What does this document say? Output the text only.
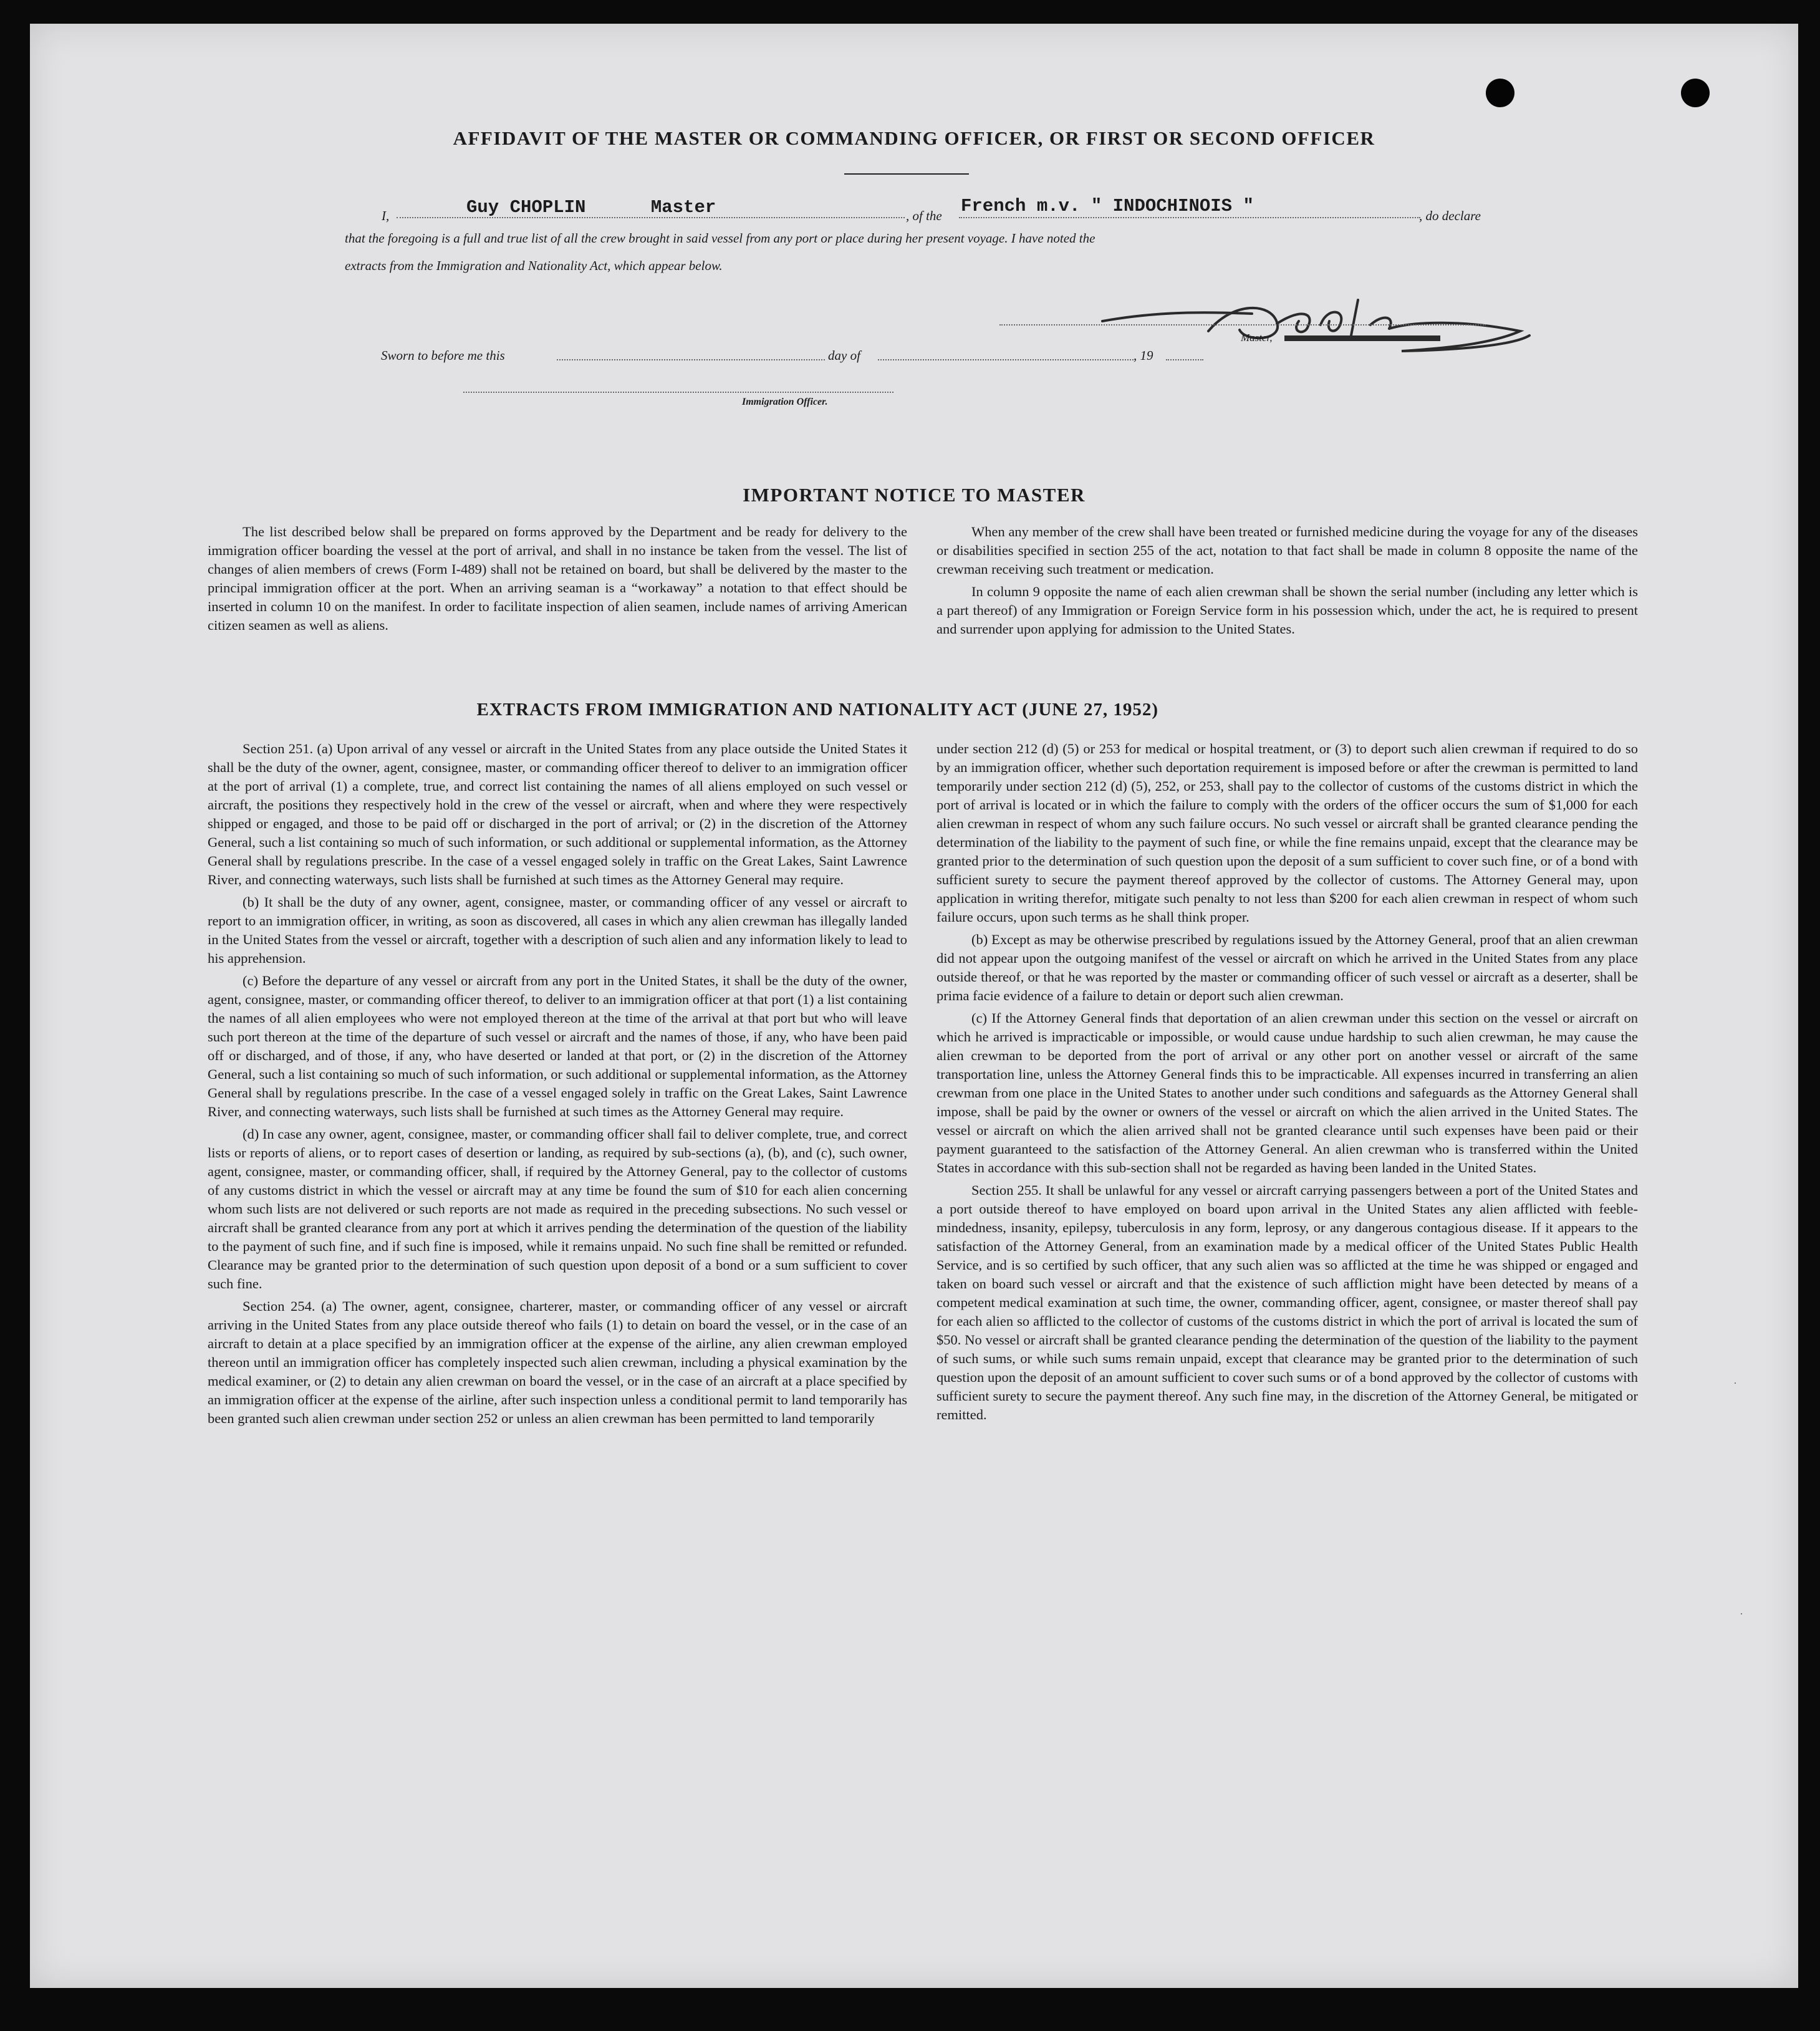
AFFIDAVIT OF THE MASTER OR COMMANDING OFFICER, OR FIRST OR SECOND OFFICER
I,	Guy CHOPLIN      Master	, of the French m.v. " INDOCHINOIS "	, do declare
that the foregoing is a full and true list of all the crew brought in said vessel from any port or place during her present voyage. I have noted the
extracts from the Immigration and Nationality Act, which appear below.
Master,
Sworn to before me this	day of	, 19
Immigration Officer.
IMPORTANT NOTICE TO MASTER

The list described below shall be prepared on forms approved by the Department and be ready for delivery to the immigration officer boarding the vessel at the port of arrival, and shall in no instance be taken from the vessel. The list of changes of alien members of crews (Form I-489) shall not be retained on board, but shall be delivered by the master to the principal immigration officer at the port. When an arriving seaman is a “workaway” a notation to that effect should be inserted in column 10 on the manifest. In order to facilitate inspection of alien seamen, include names of arriving American citizen seamen as well as aliens.

When any member of the crew shall have been treated or furnished medicine during the voyage for any of the diseases or disabilities specified in section 255 of the act, notation to that fact shall be made in column 8 opposite the name of the crewman receiving such treatment or medication.

In column 9 opposite the name of each alien crewman shall be shown the serial number (including any letter which is a part thereof) of any Immigration or Foreign Service form in his possession which, under the act, he is required to present and surrender upon applying for admission to the United States.

EXTRACTS FROM IMMIGRATION AND NATIONALITY ACT (JUNE 27, 1952)

Section 251. (a) Upon arrival of any vessel or aircraft in the United States from any place outside the United States it shall be the duty of the owner, agent, consignee, master, or commanding officer thereof to deliver to an immigration officer at the port of arrival (1) a complete, true, and correct list containing the names of all aliens employed on such vessel or aircraft, the positions they respectively hold in the crew of the vessel or aircraft, when and where they were respectively shipped or engaged, and those to be paid off or discharged in the port of arrival; or (2) in the discretion of the Attorney General, such a list containing so much of such information, or such additional or supplemental information, as the Attorney General shall by regulations prescribe. In the case of a vessel engaged solely in traffic on the Great Lakes, Saint Lawrence River, and connecting waterways, such lists shall be furnished at such times as the Attorney General may require.

(b) It shall be the duty of any owner, agent, consignee, master, or commanding officer of any vessel or aircraft to report to an immigration officer, in writing, as soon as discovered, all cases in which any alien crewman has illegally landed in the United States from the vessel or aircraft, together with a description of such alien and any information likely to lead to his apprehension.

(c) Before the departure of any vessel or aircraft from any port in the United States, it shall be the duty of the owner, agent, consignee, master, or commanding officer thereof, to deliver to an immigration officer at that port (1) a list containing the names of all alien employees who were not employed thereon at the time of the arrival at that port but who will leave such port thereon at the time of the departure of such vessel or aircraft and the names of those, if any, who have been paid off or discharged, and of those, if any, who have deserted or landed at that port, or (2) in the discretion of the Attorney General, such a list containing so much of such information, or such additional or supplemental information, as the Attorney General shall by regulations prescribe. In the case of a vessel engaged solely in traffic on the Great Lakes, Saint Lawrence River, and connecting waterways, such lists shall be furnished at such times as the Attorney General may require.

(d) In case any owner, agent, consignee, master, or commanding officer shall fail to deliver complete, true, and correct lists or reports of aliens, or to report cases of desertion or landing, as required by sub-sections (a), (b), and (c), such owner, agent, consignee, master, or commanding officer, shall, if required by the Attorney General, pay to the collector of customs of any customs district in which the vessel or aircraft may at any time be found the sum of $10 for each alien concerning whom such lists are not delivered or such reports are not made as required in the preceding subsections. No such vessel or aircraft shall be granted clearance from any port at which it arrives pending the determination of the question of the liability to the payment of such fine, and if such fine is imposed, while it remains unpaid. No such fine shall be remitted or refunded. Clearance may be granted prior to the determination of such question upon deposit of a bond or a sum sufficient to cover such fine.

Section 254. (a) The owner, agent, consignee, charterer, master, or commanding officer of any vessel or aircraft arriving in the United States from any place outside thereof who fails (1) to detain on board the vessel, or in the case of an aircraft to detain at a place specified by an immigration officer at the expense of the airline, any alien crewman employed thereon until an immigration officer has completely inspected such alien crewman, including a physical examination by the medical examiner, or (2) to detain any alien crewman on board the vessel, or in the case of an aircraft at a place specified by an immigration officer at the expense of the airline, after such inspection unless a conditional permit to land temporarily has been granted such alien crewman under section 252 or unless an alien crewman has been permitted to land temporarily

under section 212 (d) (5) or 253 for medical or hospital treatment, or (3) to deport such alien crewman if required to do so by an immigration officer, whether such deportation requirement is imposed before or after the crewman is permitted to land temporarily under section 212 (d) (5), 252, or 253, shall pay to the collector of customs of the customs district in which the port of arrival is located or in which the failure to comply with the orders of the officer occurs the sum of $1,000 for each alien crewman in respect of whom any such failure occurs. No such vessel or aircraft shall be granted clearance pending the determination of the liability to the payment of such fine, or while the fine remains unpaid, except that the clearance may be granted prior to the determination of such question upon the deposit of a sum sufficient to cover such fine, or of a bond with sufficient surety to secure the payment thereof approved by the collector of customs. The Attorney General may, upon application in writing therefor, mitigate such penalty to not less than $200 for each alien crewman in respect of whom such failure occurs, upon such terms as he shall think proper.

(b) Except as may be otherwise prescribed by regulations issued by the Attorney General, proof that an alien crewman did not appear upon the outgoing manifest of the vessel or aircraft on which he arrived in the United States from any place outside thereof, or that he was reported by the master or commanding officer of such vessel or aircraft as a deserter, shall be prima facie evidence of a failure to detain or deport such alien crewman.

(c) If the Attorney General finds that deportation of an alien crewman under this section on the vessel or aircraft on which he arrived is impracticable or impossible, or would cause undue hardship to such alien crewman, he may cause the alien crewman to be deported from the port of arrival or any other port on another vessel or aircraft of the same transportation line, unless the Attorney General finds this to be impracticable. All expenses incurred in transferring an alien crewman from one place in the United States to another under such conditions and safeguards as the Attorney General shall impose, shall be paid by the owner or owners of the vessel or aircraft on which the alien arrived in the United States. The vessel or aircraft on which the alien arrived shall not be granted clearance until such expenses have been paid or their payment guaranteed to the satisfaction of the Attorney General. An alien crewman who is transferred within the United States in accordance with this sub-section shall not be regarded as having been landed in the United States.

Section 255. It shall be unlawful for any vessel or aircraft carrying passengers between a port of the United States and a port outside thereof to have employed on board upon arrival in the United States any alien afflicted with feeble-mindedness, insanity, epilepsy, tuberculosis in any form, leprosy, or any dangerous contagious disease. If it appears to the satisfaction of the Attorney General, from an examination made by a medical officer of the United States Public Health Service, and is so certified by such officer, that any such alien was so afflicted at the time he was shipped or engaged and taken on board such vessel or aircraft and that the existence of such affliction might have been detected by means of a competent medical examination at such time, the owner, commanding officer, agent, consignee, or master thereof shall pay for each alien so afflicted to the collector of customs of the customs district in which the port of arrival is located the sum of $50. No vessel or aircraft shall be granted clearance pending the determination of the question of the liability to the payment of such sums, or while such sums remain unpaid, except that clearance may be granted prior to the determination of such question upon the deposit of an amount sufficient to cover such sums or of a bond approved by the collector of customs with sufficient surety to secure the payment thereof. Any such fine may, in the discretion of the Attorney General, be mitigated or remitted.

·
·
